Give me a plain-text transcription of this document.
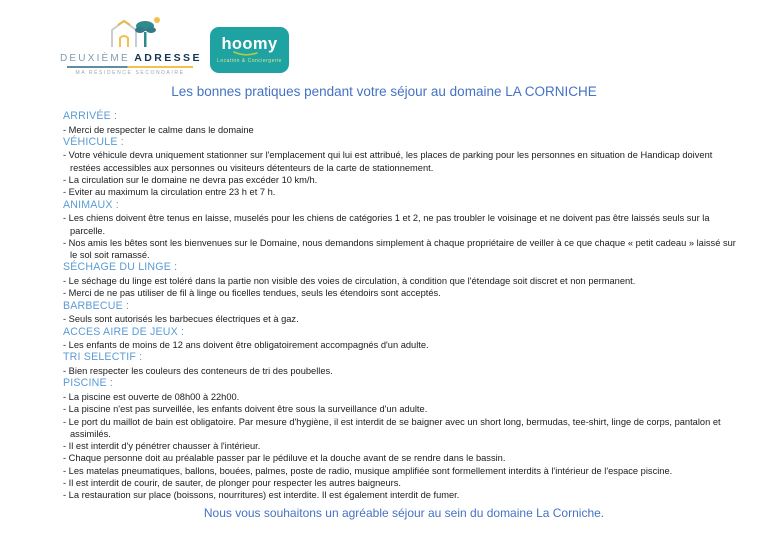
DEUXIÈME ADRESSE
MA RÉSIDENCE SECONDAIRE
hoomy
Location & Conciergerie
Les bonnes pratiques pendant votre séjour au domaine LA CORNICHE
ARRIVÉE :

- Merci de respecter le calme dans le domaine

VÉHICULE :

- Votre véhicule devra uniquement stationner sur l'emplacement qui lui est attribué, les places de parking pour les personnes en situation de Handicap doivent restées accessibles aux personnes ou visiteurs détenteurs de la carte de stationnement.

- La circulation sur le domaine ne devra pas excéder 10 km/h.

- Eviter au maximum la circulation entre 23 h et 7 h.

ANIMAUX :

- Les chiens doivent être tenus en laisse, muselés pour les chiens de catégories 1 et 2, ne pas troubler le voisinage et ne doivent pas être laissés seuls sur la parcelle.

- Nos amis les bêtes sont les bienvenues sur le Domaine, nous demandons simplement à chaque propriétaire de veiller à ce que chaque « petit cadeau » laissé sur le sol soit ramassé.

SÉCHAGE DU LINGE :

- Le séchage du linge est toléré dans la partie non visible des voies de circulation, à condition que l'étendage soit discret et non permanent.

- Merci de ne pas utiliser de fil à linge ou ficelles tendues, seuls les étendoirs sont acceptés.

BARBECUE :

- Seuls sont autorisés les barbecues électriques et à gaz.

ACCES AIRE DE JEUX :

- Les enfants de moins de 12 ans doivent être obligatoirement accompagnés d'un adulte.

TRI SELECTIF :

- Bien respecter les couleurs des conteneurs de tri des poubelles.

PISCINE :

- La piscine est ouverte de 08h00 à 22h00.

- La piscine n'est pas surveillée, les enfants doivent être sous la surveillance d'un adulte.

- Le port du maillot de bain est obligatoire. Par mesure d'hygiène, il est interdit de se baigner avec un short long, bermudas, tee-shirt, linge de corps, pantalon et assimilés.

- Il est interdit d'y pénétrer chausser à l'intérieur.

- Chaque personne doit au préalable passer par le pédiluve et la douche avant de se rendre dans le bassin.

- Les matelas pneumatiques, ballons, bouées, palmes, poste de radio, musique amplifiée sont formellement interdits à l'intérieur de l'espace piscine.

- Il est interdit de courir, de sauter, de plonger pour respecter les autres baigneurs.

- La restauration sur place (boissons, nourritures) est interdite. Il est également interdit de fumer.

Nous vous souhaitons un agréable séjour au sein du domaine La Corniche.
